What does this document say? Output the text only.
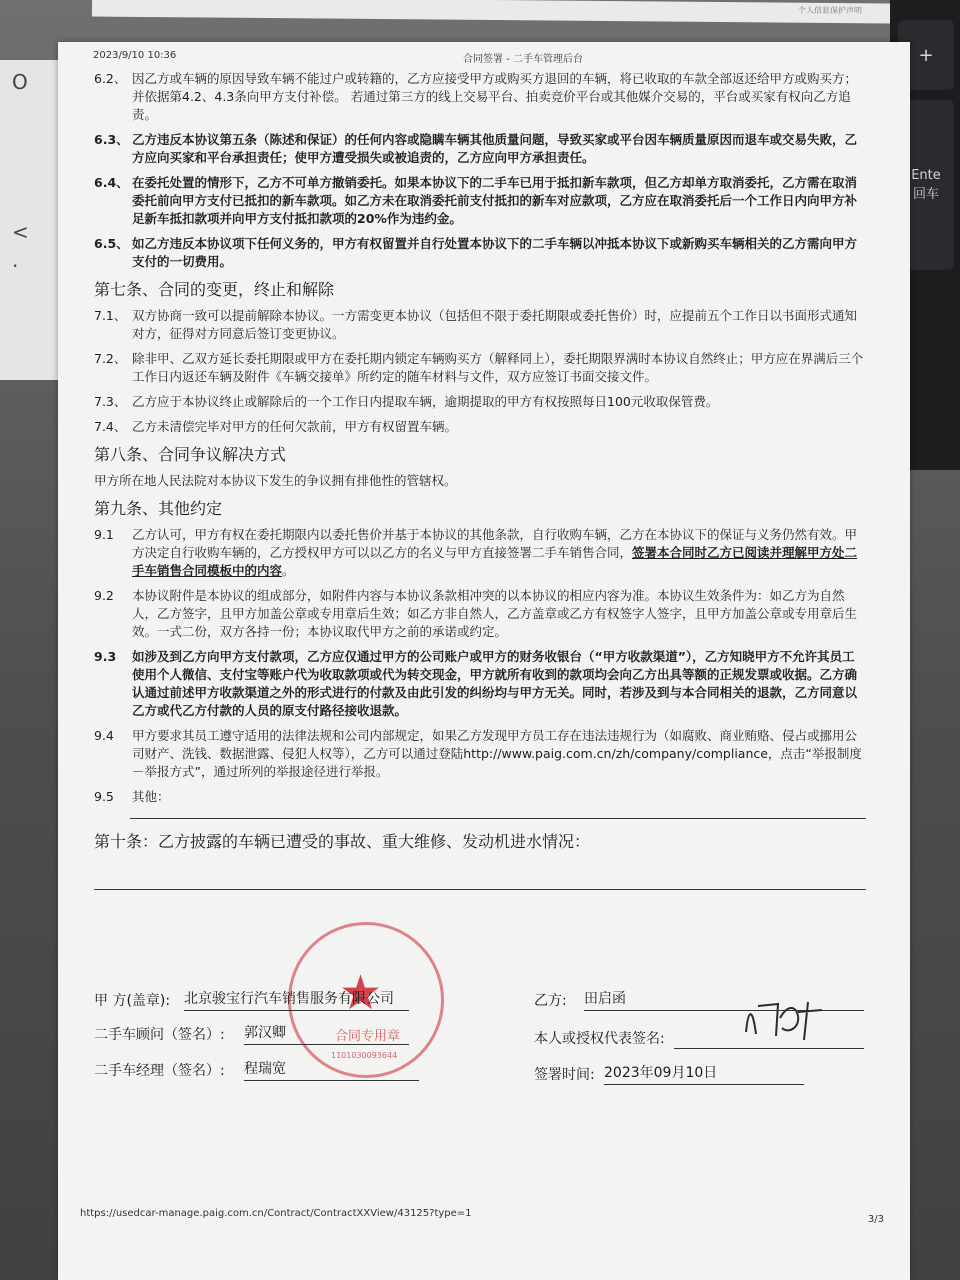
个人信息保护声明
O
<
.
+
Ente
回车
2023/9/10 10:36	合同签署 - 二手车管理后台
6.2、 因乙方或车辆的原因导致车辆不能过户或转籍的，乙方应接受甲方或购买方退回的车辆，将已收取的车款全部返还给甲方或购买方；并依据第4.2、4.3条向甲方支付补偿。 若通过第三方的线上交易平台、拍卖竞价平台或其他媒介交易的，平台或买家有权向乙方追责。
6.3、 乙方违反本协议第五条（陈述和保证）的任何内容或隐瞒车辆其他质量问题，导致买家或平台因车辆质量原因而退车或交易失败，乙方应向买家和平台承担责任；使甲方遭受损失或被追责的，乙方应向甲方承担责任。
6.4、 在委托处置的情形下，乙方不可单方撤销委托。如果本协议下的二手车已用于抵扣新车款项，但乙方却单方取消委托，乙方需在取消委托前向甲方支付已抵扣的新车款项。如乙方未在取消委托前支付抵扣的新车对应款项，乙方应在取消委托后一个工作日内向甲方补足新车抵扣款项并向甲方支付抵扣款项的20%作为违约金。
6.5、 如乙方违反本协议项下任何义务的，甲方有权留置并自行处置本协议下的二手车辆以冲抵本协议下或新购买车辆相关的乙方需向甲方支付的一切费用。
第七条、合同的变更，终止和解除
7.1、 双方协商一致可以提前解除本协议。一方需变更本协议（包括但不限于委托期限或委托售价）时，应提前五个工作日以书面形式通知对方，征得对方同意后签订变更协议。
7.2、 除非甲、乙双方延长委托期限或甲方在委托期内锁定车辆购买方（解释同上），委托期限界满时本协议自然终止；甲方应在界满后三个工作日内返还车辆及附件《车辆交接单》所约定的随车材料与文件，双方应签订书面交接文件。
7.3、 乙方应于本协议终止或解除后的一个工作日内提取车辆，逾期提取的甲方有权按照每日100元收取保管费。
7.4、 乙方未清偿完毕对甲方的任何欠款前，甲方有权留置车辆。
第八条、合同争议解决方式
甲方所在地人民法院对本协议下发生的争议拥有排他性的管辖权。
第九条、其他约定
9.1	乙方认可，甲方有权在委托期限内以委托售价并基于本协议的其他条款，自行收购车辆，乙方在本协议下的保证与义务仍然有效。甲方决定自行收购车辆的，乙方授权甲方可以以乙方的名义与甲方直接签署二手车销售合同，签署本合同时乙方已阅读并理解甲方处二手车销售合同模板中的内容。
9.2	本协议附件是本协议的组成部分，如附件内容与本协议条款相冲突的以本协议的相应内容为准。本协议生效条件为：如乙方为自然人，乙方签字，且甲方加盖公章或专用章后生效；如乙方非自然人，乙方盖章或乙方有权签字人签字，且甲方加盖公章或专用章后生效。一式二份，双方各持一份；本协议取代甲方之前的承诺或约定。
9.3	如涉及到乙方向甲方支付款项，乙方应仅通过甲方的公司账户或甲方的财务收银台（“甲方收款渠道”），乙方知晓甲方不允许其员工使用个人微信、支付宝等账户代为收取款项或代为转交现金，甲方就所有收到的款项均会向乙方出具等额的正规发票或收据。乙方确认通过前述甲方收款渠道之外的形式进行的付款及由此引发的纠纷均与甲方无关。同时，若涉及到与本合同相关的退款，乙方同意以乙方或代乙方付款的人员的原支付路径接收退款。
9.4	甲方要求其员工遵守适用的法律法规和公司内部规定，如果乙方发现甲方员工存在违法违规行为（如腐败、商业贿赂、侵占或挪用公司财产、洗钱、数据泄露、侵犯人权等），乙方可以通过登陆http://www.paig.com.cn/zh/company/compliance，点击“举报制度－举报方式”，通过所列的举报途径进行举报。
9.5	其他：
第十条：乙方披露的车辆已遭受的事故、重大维修、发动机进水情况：
★
合同专用章
1101030093644
甲 方(盖章): 北京骏宝行汽车销售服务有限公司
二手车顾问（签名）: 郭汉卿
二手车经理（签名）: 程瑞宽
乙方: 田启函
本人或授权代表签名:
签署时间: 2023年09月10日
https://usedcar-manage.paig.com.cn/Contract/ContractXXView/43125?type=1
3/3
